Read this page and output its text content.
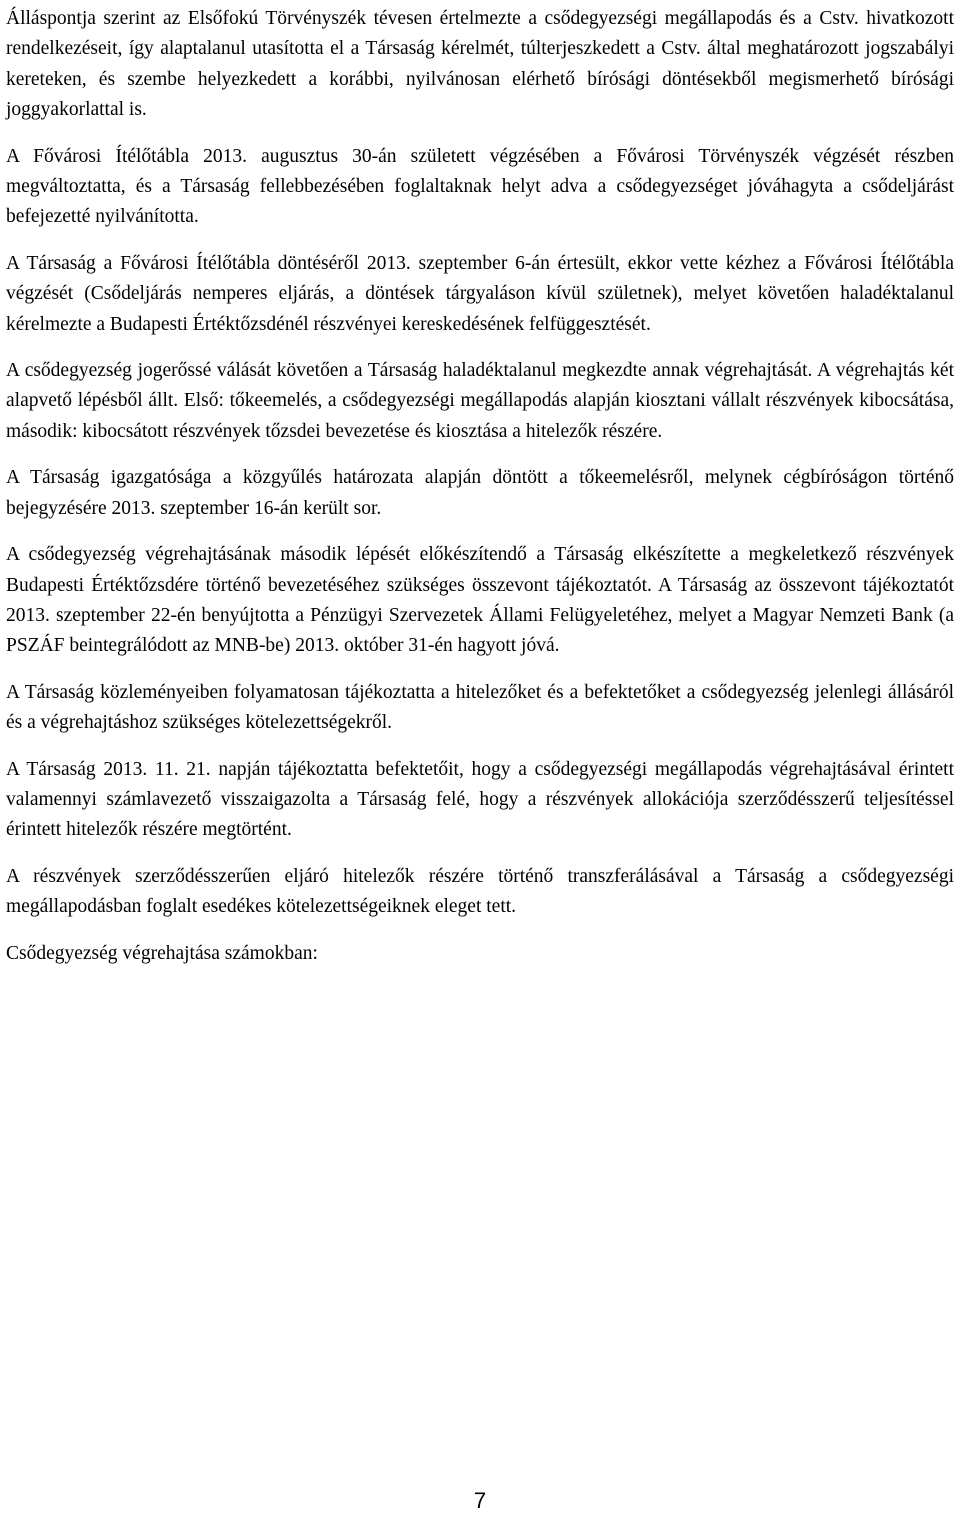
Álláspontja szerint az Elsőfokú Törvényszék tévesen értelmezte a csődegyezségi megállapodás és a Cstv. hivatkozott rendelkezéseit, így alaptalanul utasította el a Társaság kérelmét, túlterjeszkedett a Cstv. által meghatározott jogszabályi kereteken, és szembe helyezkedett a korábbi, nyilvánosan elérhető bírósági döntésekből megismerhető bírósági joggyakorlattal is.

A Fővárosi Ítélőtábla 2013. augusztus 30-án született végzésében a Fővárosi Törvényszék végzését részben megváltoztatta, és a Társaság fellebbezésében foglaltaknak helyt adva a csődegyezséget jóváhagyta a csődeljárást befejezetté nyilvánította.

A Társaság a Fővárosi Ítélőtábla döntéséről 2013. szeptember 6-án értesült, ekkor vette kézhez a Fővárosi Ítélőtábla végzését (Csődeljárás nemperes eljárás, a döntések tárgyaláson kívül születnek), melyet követően haladéktalanul kérelmezte a Budapesti Értéktőzsdénél részvényei kereskedésének felfüggesztését.

A csődegyezség jogerőssé válását követően a Társaság haladéktalanul megkezdte annak végrehajtását. A végrehajtás két alapvető lépésből állt. Első: tőkeemelés, a csődegyezségi megállapodás alapján kiosztani vállalt részvények kibocsátása, második: kibocsátott részvények tőzsdei bevezetése és kiosztása a hitelezők részére.

A Társaság igazgatósága a közgyűlés határozata alapján döntött a tőkeemelésről, melynek cégbíróságon történő bejegyzésére 2013. szeptember 16-án került sor.

A csődegyezség végrehajtásának második lépését előkészítendő a Társaság elkészítette a megkeletkező részvények Budapesti Értéktőzsdére történő bevezetéséhez szükséges összevont tájékoztatót. A Társaság az összevont tájékoztatót 2013. szeptember 22-én benyújtotta a Pénzügyi Szervezetek Állami Felügyeletéhez, melyet a Magyar Nemzeti Bank (a PSZÁF beintegrálódott az MNB-be) 2013. október 31-én hagyott jóvá.

A Társaság közleményeiben folyamatosan tájékoztatta a hitelezőket és a befektetőket a csődegyezség jelenlegi állásáról és a végrehajtáshoz szükséges kötelezettségekről.

A Társaság 2013. 11. 21. napján tájékoztatta befektetőit, hogy a csődegyezségi megállapodás végrehajtásával érintett valamennyi számlavezető visszaigazolta a Társaság felé, hogy a részvények allokációja szerződésszerű teljesítéssel érintett hitelezők részére megtörtént.

A részvények szerződésszerűen eljáró hitelezők részére történő transzferálásával a Társaság a csődegyezségi megállapodásban foglalt esedékes kötelezettségeiknek eleget tett.

Csődegyezség végrehajtása számokban:

7
